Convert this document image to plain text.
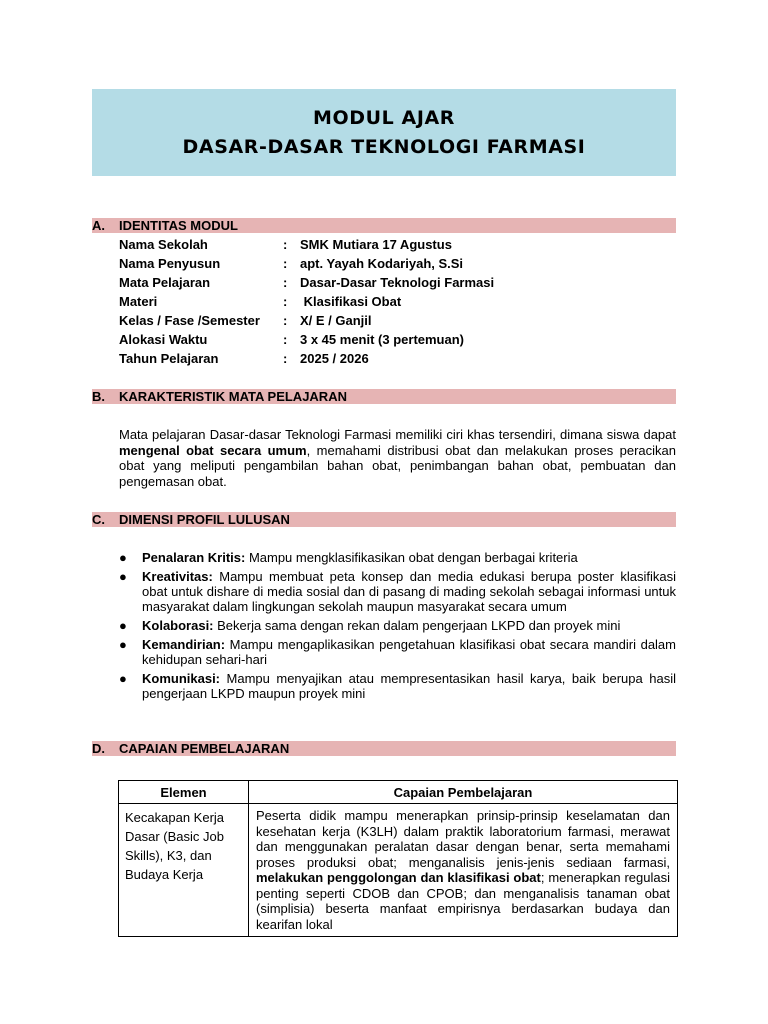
MODUL AJAR
DASAR-DASAR TEKNOLOGI FARMASI
A. IDENTITAS MODUL
Nama Sekolah	: SMK Mutiara 17 Agustus
Nama Penyusun	: apt. Yayah Kodariyah, S.Si
Mata Pelajaran	: Dasar-Dasar Teknologi Farmasi
Materi	: Klasifikasi Obat
Kelas / Fase /Semester : X/ E / Ganjil
Alokasi Waktu	: 3 x 45 menit (3 pertemuan)
Tahun Pelajaran	: 2025 / 2026
B. KARAKTERISTIK MATA PELAJARAN
Mata pelajaran Dasar-dasar Teknologi Farmasi memiliki ciri khas tersendiri, dimana siswa dapat mengenal obat secara umum, memahami distribusi obat dan melakukan proses peracikan obat yang meliputi pengambilan bahan obat, penimbangan bahan obat, pembuatan dan pengemasan obat.
C. DIMENSI PROFIL LULUSAN
● Penalaran Kritis: Mampu mengklasifikasikan obat dengan berbagai kriteria
● Kreativitas: Mampu membuat peta konsep dan media edukasi berupa poster klasifikasi obat untuk dishare di media sosial dan di pasang di mading sekolah sebagai informasi untuk masyarakat dalam lingkungan sekolah maupun masyarakat secara umum
● Kolaborasi: Bekerja sama dengan rekan dalam pengerjaan LKPD dan proyek mini
● Kemandirian: Mampu mengaplikasikan pengetahuan klasifikasi obat secara mandiri dalam kehidupan sehari-hari
● Komunikasi: Mampu menyajikan atau mempresentasikan hasil karya, baik berupa hasil pengerjaan LKPD maupun proyek mini
D. CAPAIAN PEMBELAJARAN
Elemen	Capaian Pembelajaran
Kecakapan Kerja Dasar (Basic Job Skills), K3, dan Budaya Kerja	Peserta didik mampu menerapkan prinsip-prinsip keselamatan dan kesehatan kerja (K3LH) dalam praktik laboratorium farmasi, merawat dan menggunakan peralatan dasar dengan benar, serta memahami proses produksi obat; menganalisis jenis-jenis sediaan farmasi, melakukan penggolongan dan klasifikasi obat; menerapkan regulasi penting seperti CDOB dan CPOB; dan menganalisis tanaman obat (simplisia) beserta manfaat empirisnya berdasarkan budaya dan kearifan lokal
